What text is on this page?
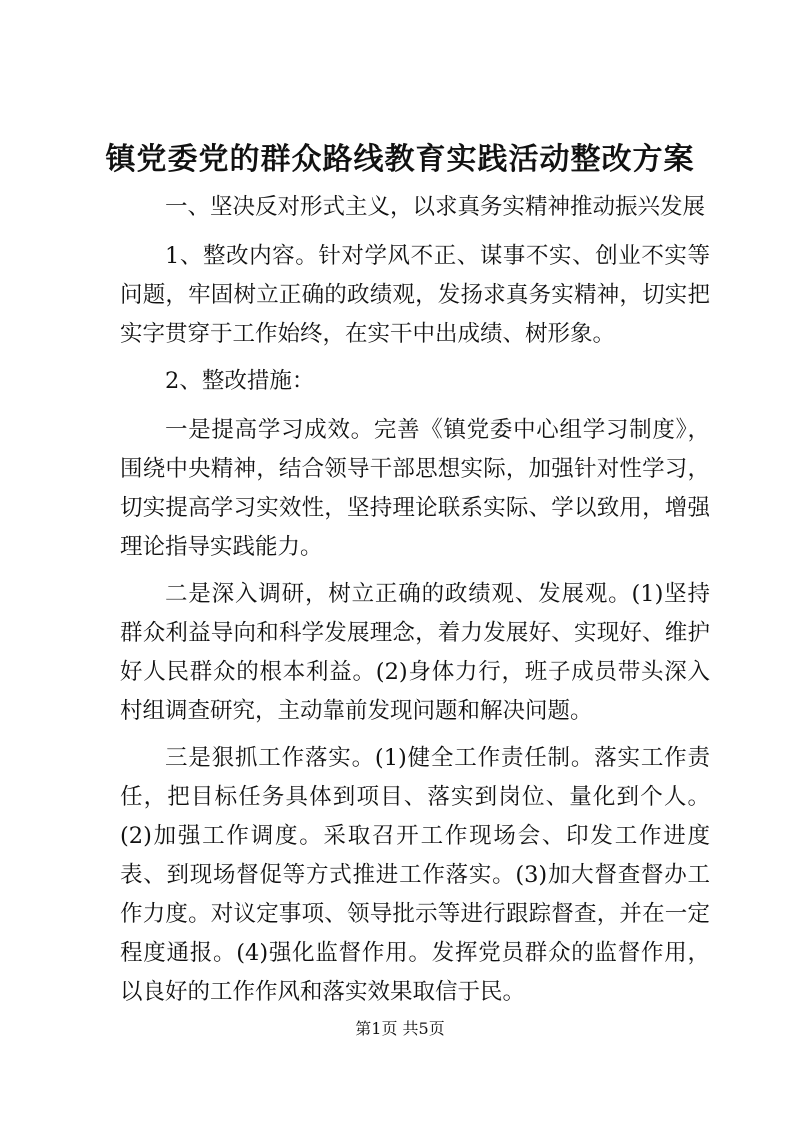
镇党委党的群众路线教育实践活动整改方案

一、坚决反对形式主义，以求真务实精神推动振兴发展

1、整改内容。针对学风不正、谋事不实、创业不实等问题，牢固树立正确的政绩观，发扬求真务实精神，切实把实字贯穿于工作始终，在实干中出成绩、树形象。

2、整改措施：

一是提高学习成效。完善《镇党委中心组学习制度》，围绕中央精神，结合领导干部思想实际，加强针对性学习，切实提高学习实效性，坚持理论联系实际、学以致用，增强理论指导实践能力。

二是深入调研，树立正确的政绩观、发展观。(1)坚持群众利益导向和科学发展理念，着力发展好、实现好、维护好人民群众的根本利益。(2)身体力行，班子成员带头深入村组调查研究，主动靠前发现问题和解决问题。

三是狠抓工作落实。(1)健全工作责任制。落实工作责任，把目标任务具体到项目、落实到岗位、量化到个人。(2)加强工作调度。采取召开工作现场会、印发工作进度表、到现场督促等方式推进工作落实。(3)加大督查督办工作力度。对议定事项、领导批示等进行跟踪督查，并在一定程度通报。(4)强化监督作用。发挥党员群众的监督作用，以良好的工作作风和落实效果取信于民。

第1页 共5页
